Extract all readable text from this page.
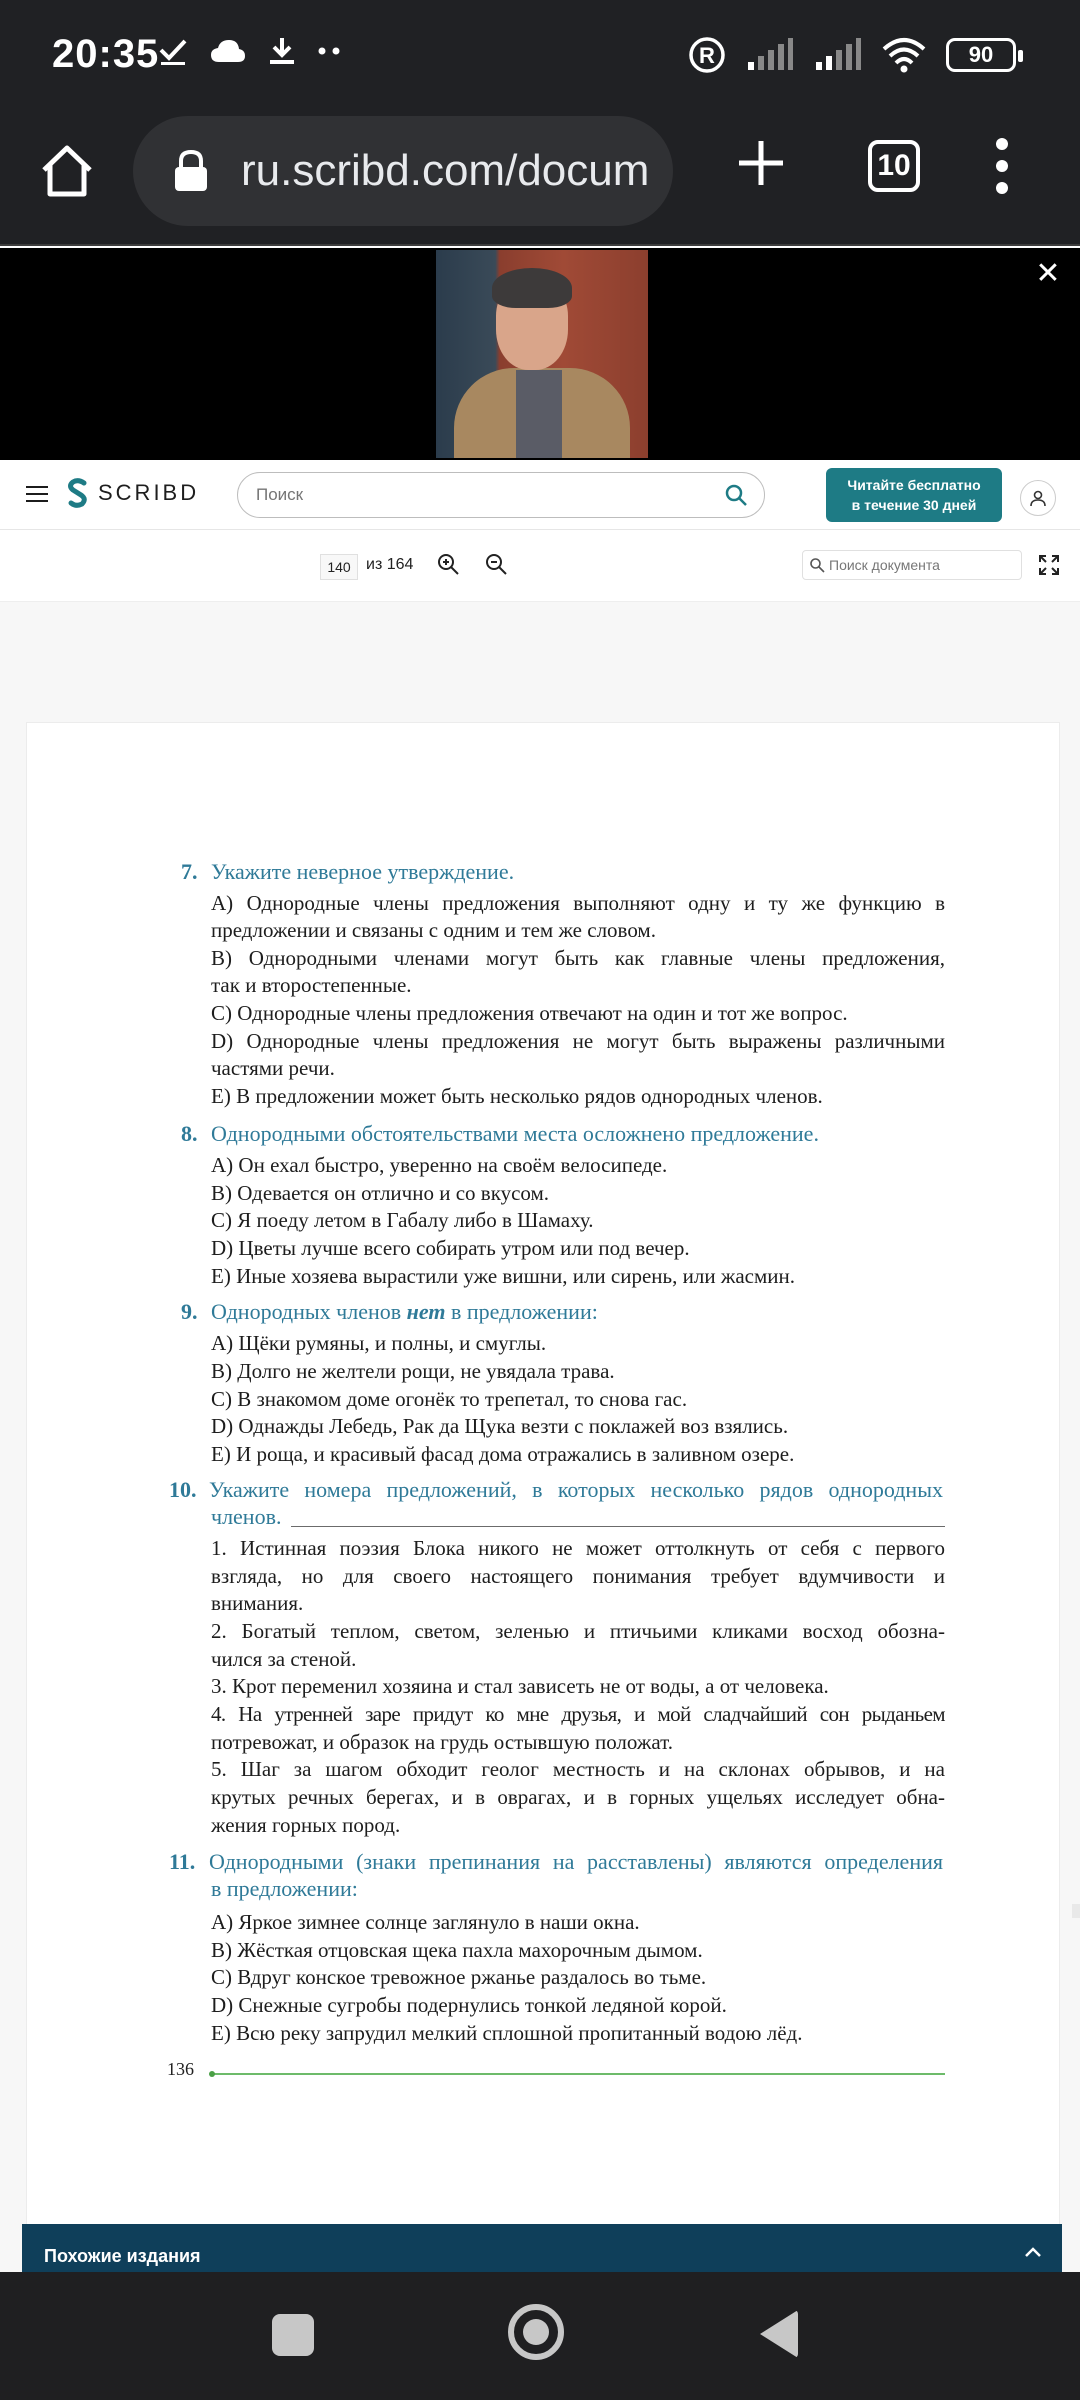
20:35	R	90
ru.scribd.com/docum	10
✕
SCRIBD
Поиск	Читайте бесплатно
в течение 30 дней
140 из 164	Поиск документа
7. Укажите неверное утверждение.
A) Однородные члены предложения выполняют одну и ту же функцию в
предложении и связаны с одним и тем же словом.
B) Однородными членами могут быть как главные члены предложения,
так и второстепенные.
C) Однородные члены предложения отвечают на один и тот же вопрос.
D) Однородные члены предложения не могут быть выражены различными
частями речи.
E) В предложении может быть несколько рядов однородных членов.
8. Однородными обстоятельствами места осложнено предложение.
A) Он ехал быстро, уверенно на своём велосипеде.
B) Одевается он отлично и со вкусом.
C) Я поеду летом в Габалу либо в Шамаху.
D) Цветы лучше всего собирать утром или под вечер.
E) Иные хозяева вырастили уже вишни, или сирень, или жасмин.
9. Однородных членов нет в предложении:
A) Щёки румяны, и полны, и смуглы.
B) Долго не желтели рощи, не увядала трава.
C) В знакомом доме огонёк то трепетал, то снова гас.
D) Однажды Лебедь, Рак да Щука везти с поклажей воз взялись.
E) И роща, и красивый фасад дома отражались в заливном озере.
10. Укажите номера предложений, в которых несколько рядов однородных
членов.
1. Истинная поэзия Блока никого не может оттолкнуть от себя с первого
взгляда, но для своего настоящего понимания требует вдумчивости и
внимания.
2. Богатый теплом, светом, зеленью и птичьими кликами восход обозна-
чился за стеной.
3. Крот переменил хозяина и стал зависеть не от воды, а от человека.
4. На утренней заре придут ко мне друзья, и мой сладчайший сон рыданьем
потревожат, и образок на грудь остывшую положат.
5. Шаг за шагом обходит геолог местность и на склонах обрывов, и на
крутых речных берегах, и в оврагах, и в горных ущельях исследует обна-
жения горных пород.
11. Однородными (знаки препинания на расставлены) являются определения
в предложении:
A) Яркое зимнее солнце заглянуло в наши окна.
B) Жёсткая отцовская щека пахла махорочным дымом.
C) Вдруг конское тревожное ржанье раздалось во тьме.
D) Снежные сугробы подернулись тонкой ледяной корой.
E) Всю реку запрудил мелкий сплошной пропитанный водою лёд.
136
Похожие издания
